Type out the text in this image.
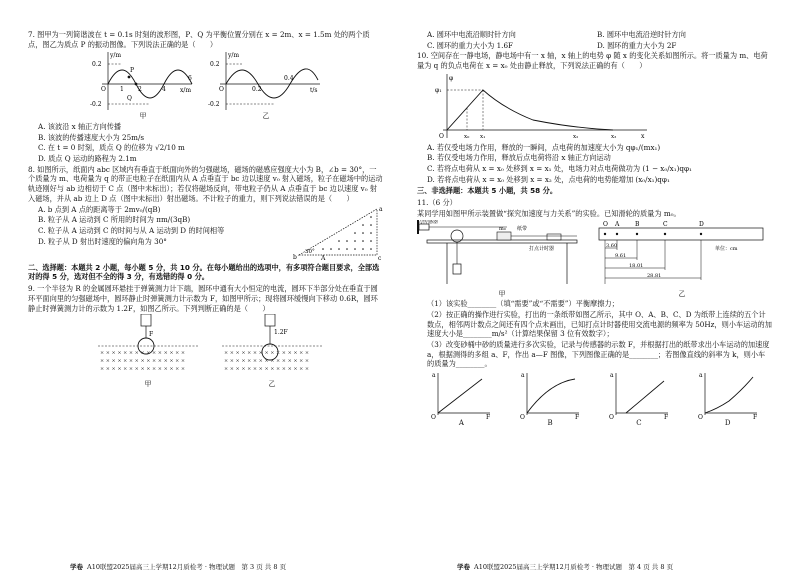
7. 图甲为一列简谐波在 t = 0.1s 时刻的波形图，P、Q 为平衡位置分别在 x = 2m、x = 1.5m 处的两个质点，图乙为质点 P 的振动图像。下列说法正确的是（　　）

y/m
x/m
0.2
-0.2
O 1 2	4
6
P
Q
甲
y/m
t/s
0.2
-0.2
O	0.2
0.4
乙

A. 该波沿 x 轴正方向传播

B. 该波的传播速度大小为 25m/s

C. 在 t = 0 时刻，质点 Q 的位移为 √2/10 m

D. 质点 Q 运动的路程为 2.1m

8. 如图所示，纸面内 abc 区域内有垂直于纸面向外的匀强磁场，磁场的磁感应强度大小为 B，∠b = 30°，一个质量为 m、电荷量为 q 的带正电粒子在纸面内从 A 点垂直于 bc 边以速度 v₀ 射入磁场，粒子在磁场中的运动轨迹刚好与 ab 边相切于 C 点（图中未标出）；若仅将磁场反向，带电粒子仍从 A 点垂直于 bc 边以速度 v₀ 射入磁场，并从 ab 边上 D 点（图中未标出）射出磁场。不计粒子的重力，则下列说法错误的是（　　）

A. b 点到 A 点的距离等于 2mv₀/(qB)

B. 粒子从 A 运动到 C 所用的时间为 πm/(3qB)

C. 粒子从 A 运动到 C 的时间与从 A 运动到 D 的时间相等

D. 粒子从 D 射出时速度的偏向角为 30°

a
b	c
A
30°

二、选择题：本题共 2 小题，每小题 5 分，共 10 分。在每小题给出的选项中，有多项符合题目要求，全部选对的得 5 分，选对但不全的得 3 分，有选错的得 0 分。

9. 一个半径为 R 的金属圆环悬挂于弹簧测力计下端，圆环中通有大小恒定的电流，圆环下半部分处在垂直于圆环平面向里的匀强磁场中，圆环静止时弹簧测力计示数为 F，如图甲所示；现将圆环缓慢向下移动 0.6R，圆环静止时弹簧测力计的示数为 1.2F，如图乙所示。下列判断正确的是（　　）

× × × × × × × × × × × × × × ×
× × × × × × × × × × × × × × ×
× × × × × × × × × × × × × × ×
F
甲
× × × × × × × × × × × × × × ×
× × × × × × × × × × × × × × ×
× × × × × × × × × × × × × × ×
1.2F
乙
学卷 A10联盟2025届高三上学期12月质检考 · 物理试题　第 3 页 共 8 页
A. 圆环中电流沿顺时针方向	B. 圆环中电流沿逆时针方向
C. 圆环的重力大小为 1.6F	D. 圆环的重力大小为 2F

10. 空间存在一静电场，静电场中有一 x 轴，x 轴上的电势 φ 随 x 的变化关系如图所示。将一质量为 m、电荷量为 q 的负点电荷在 x = x₀ 处由静止释放，下列说法正确的有（　　）

φ
φ₁
O	x₀ x₁	x₂	x₃	x

A. 若仅受电场力作用，释放的一瞬间，点电荷的加速度大小为 qφ₁/(mx₁)

B. 若仅受电场力作用，释放后点电荷将沿 x 轴正方向运动

C. 若将点电荷从 x = x₀ 处移到 x = x₁ 处，电场力对点电荷做功为 (1 − x₀/x₁)qφ₁

D. 若将点电荷从 x = x₀ 处移到 x = x₂ 处，点电荷的电势能增加 (x₀/x₁)qφ₁

三、非选择题：本题共 5 小题，共 58 分。

11.（6 分）

某同学用如图甲所示装置做“探究加速度与力关系”的实验。已知滑轮的质量为 m₀。

力传感器
m₀ 纸带
打点计时器
甲
O A	B	C	D
3.60
9.61
18.01
28.81
单位：cm
乙

（1）该实验________（填“需要”或“不需要”）平衡摩擦力；

（2）按正确的操作进行实验，打出的一条纸带如图乙所示，其中 O、A、B、C、D 为纸带上连续的五个计数点，相邻两计数点之间还有四个点未画出，已知打点计时器使用交流电源的频率为 50Hz，则小车运动的加速度大小是________m/s²（计算结果保留 3 位有效数字）；

（3）改变砂桶中砂的质量进行多次实验，记录与传感器的示数 F，并根据打出的纸带求出小车运动的加速度 a，根据测得的多组 a、F，作出 a—F 图像，下列图像正确的是________；若图像直线的斜率为 k，则小车的质量为________。

a
F
O
A
a
F
O
B
a
F
O
C
a
F
O
D
学卷 A10联盟2025届高三上学期12月质检考 · 物理试题　第 4 页 共 8 页
